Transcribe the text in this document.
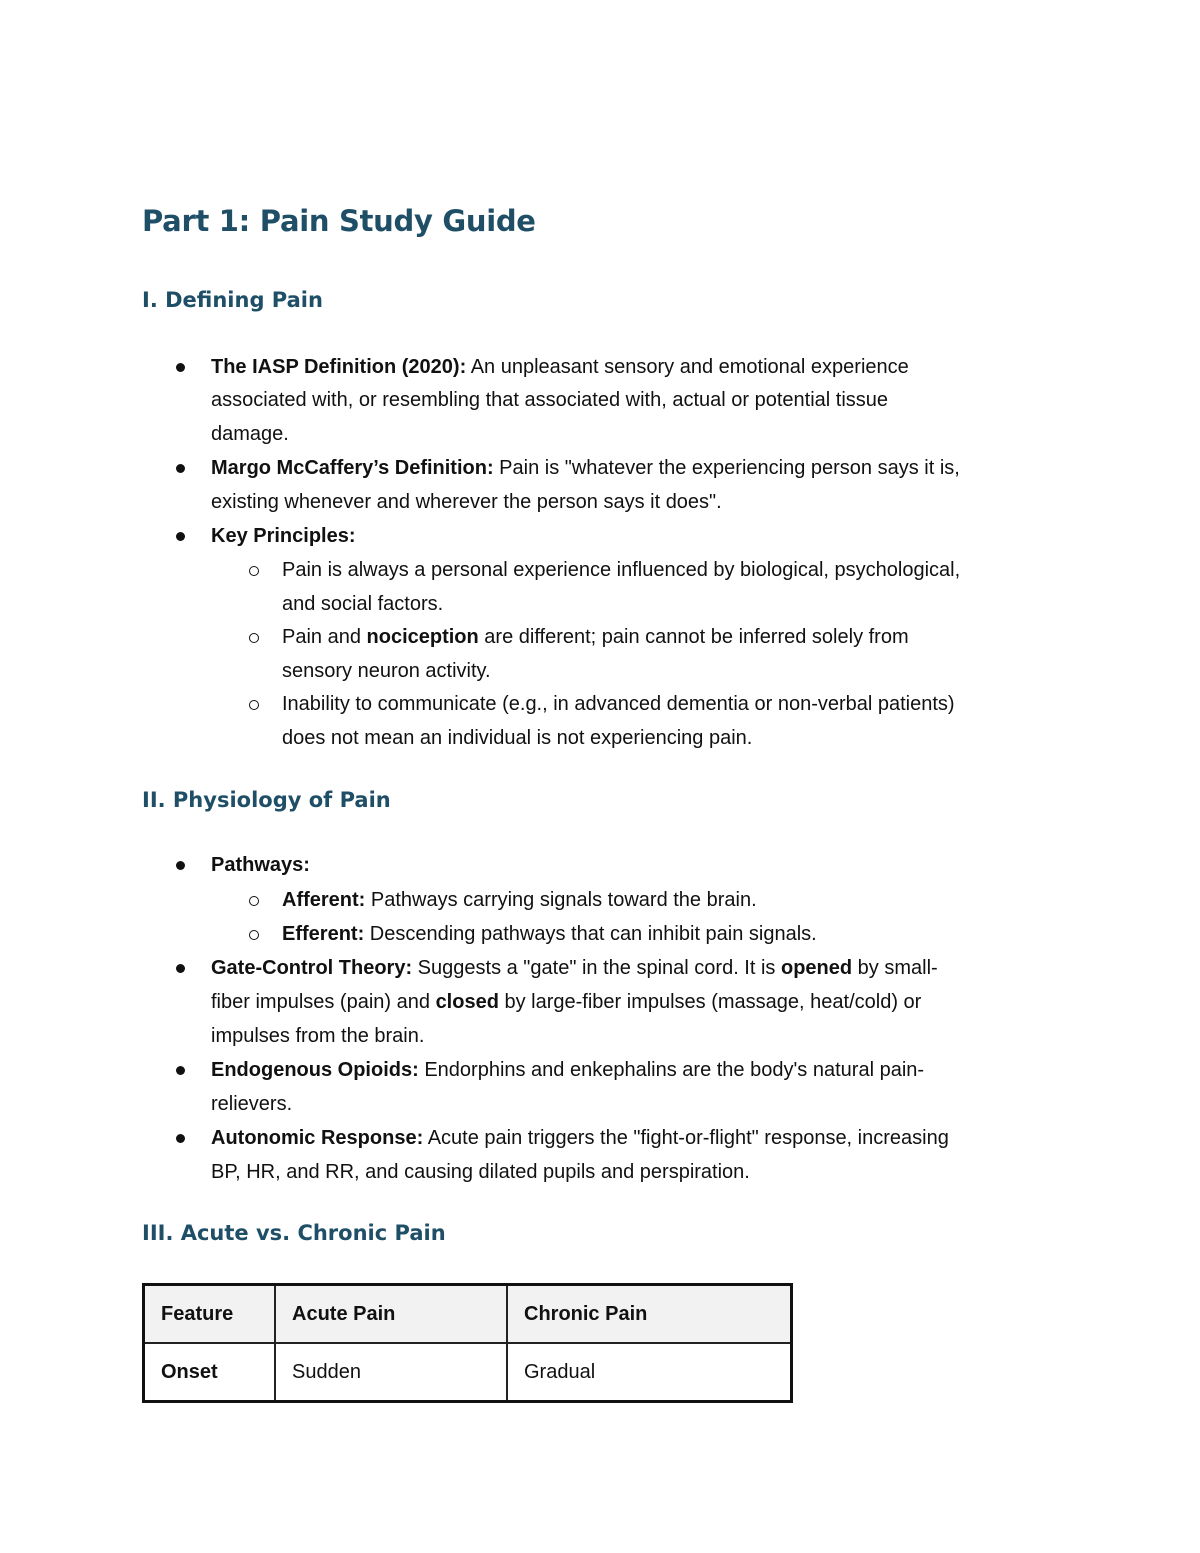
Part 1: Pain Study Guide
I. Defining Pain

The IASP Definition (2020): An unpleasant sensory and emotional experience

associated with, or resembling that associated with, actual or potential tissue

damage.

Margo McCaffery’s Definition: Pain is "whatever the experiencing person says it is,

existing whenever and wherever the person says it does".

Key Principles:

Pain is always a personal experience influenced by biological, psychological,

and social factors.

Pain and nociception are different; pain cannot be inferred solely from

sensory neuron activity.

Inability to communicate (e.g., in advanced dementia or non-verbal patients)

does not mean an individual is not experiencing pain.

II. Physiology of Pain

Pathways:

Afferent: Pathways carrying signals toward the brain.

Efferent: Descending pathways that can inhibit pain signals.

Gate-Control Theory: Suggests a "gate" in the spinal cord. It is opened by small-

fiber impulses (pain) and closed by large-fiber impulses (massage, heat/cold) or

impulses from the brain.

Endogenous Opioids: Endorphins and enkephalins are the body's natural pain-

relievers.

Autonomic Response: Acute pain triggers the "fight-or-flight" response, increasing

BP, HR, and RR, and causing dilated pupils and perspiration.

III. Acute vs. Chronic Pain
Feature	Acute Pain	Chronic Pain
Onset	Sudden	Gradual
